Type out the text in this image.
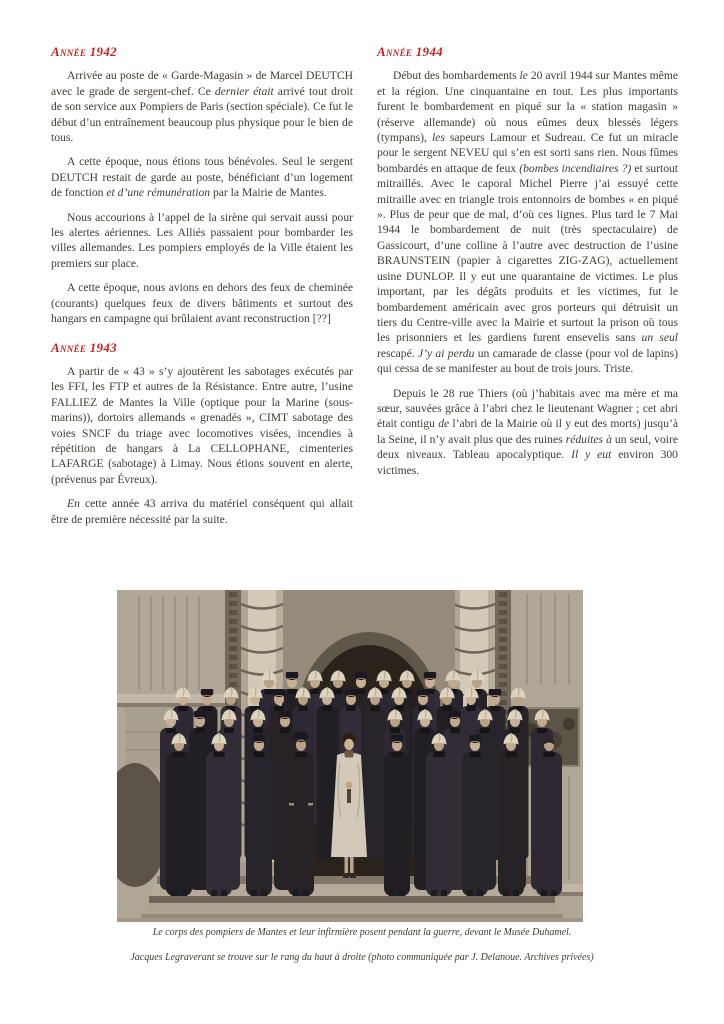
Année 1942

Arrivée au poste de « Garde-Magasin » de Marcel DEUTCH avec le grade de sergent-chef. Ce dernier était arrivé tout droit de son service aux Pompiers de Paris (section spéciale). Ce fut le début d’un entraînement beaucoup plus physique pour le bien de tous.

A cette époque, nous étions tous bénévoles. Seul le sergent DEUTCH restait de garde au poste, bénéficiant d’un logement de fonction et d’une rémunération par la Mairie de Mantes.

Nous accourions à l’appel de la sirène qui servait aussi pour les alertes aériennes. Les Alliés passaient pour bombarder les villes allemandes. Les pompiers employés de la Ville étaient les premiers sur place.

A cette époque, nous avions en dehors des feux de cheminée (courants) quelques feux de divers bâtiments et surtout des hangars en campagne qui brûlaient avant reconstruction [??]

Année 1943

A partir de « 43 » s’y ajoutèrent les sabotages exécutés par les FFI, les FTP et autres de la Résistance. Entre autre, l’usine FALLIEZ de Mantes la Ville (optique pour la Marine (sous-marins)), dortoirs allemands « grenadés », CIMT sabotage des voies SNCF du triage avec locomotives visées, incendies à répétition de hangars à La CELLOPHANE, cimenteries LAFARGE (sabotage) à Limay. Nous étions souvent en alerte, (prévenus par Évreux).

En cette année 43 arriva du matériel conséquent qui allait être de première nécessité par la suite.

Année 1944

Début des bombardements le 20 avril 1944 sur Mantes même et la région. Une cinquantaine en tout. Les plus importants furent le bombardement en piqué sur la « station magasin » (réserve allemande) où nous eûmes deux blessés légers (tympans), les sapeurs Lamour et Sudreau. Ce fut un miracle pour le sergent NEVEU qui s’en est sorti sans rien. Nous fûmes bombardés en attaque de feux (bombes incendiaires ?) et surtout mitraillés. Avec le caporal Michel Pierre j’ai essuyé cette mitraille avec en triangle trois entonnoirs de bombes « en piqué ». Plus de peur que de mal, d’où ces lignes. Plus tard le 7 Mai 1944 le bombardement de nuit (très spectaculaire) de Gassicourt, d’une colline à l’autre avec destruction de l’usine BRAUNSTEIN (papier à cigarettes ZIG-ZAG), actuellement usine DUNLOP. Il y eut une quarantaine de victimes. Le plus important, par les dégâts produits et les victimes, fut le bombardement américain avec gros porteurs qui détruisit un tiers du Centre-ville avec la Mairie et surtout la prison où tous les prisonniers et les gardiens furent ensevelis sans un seul rescapé. J’y ai perdu un camarade de classe (pour vol de lapins) qui cessa de se manifester au bout de trois jours. Triste.

Depuis le 28 rue Thiers (où j’habitais avec ma mère et ma sœur, sauvées grâce à l’abri chez le lieutenant Wagner ; cet abri était contigu de l’abri de la Mairie où il y eut des morts) jusqu’à la Seine, il n’y avait plus que des ruines réduites à un seul, voire deux niveaux. Tableau apocalyptique. Il y eut environ 300 victimes.

Le corps des pompiers de Mantes et leur infirmière posent pendant la guerre, devant le Musée Duhamel.
Jacques Legraverant se trouve sur le rang du haut à droite (photo communiquée par J. Delanoue. Archives privées)
